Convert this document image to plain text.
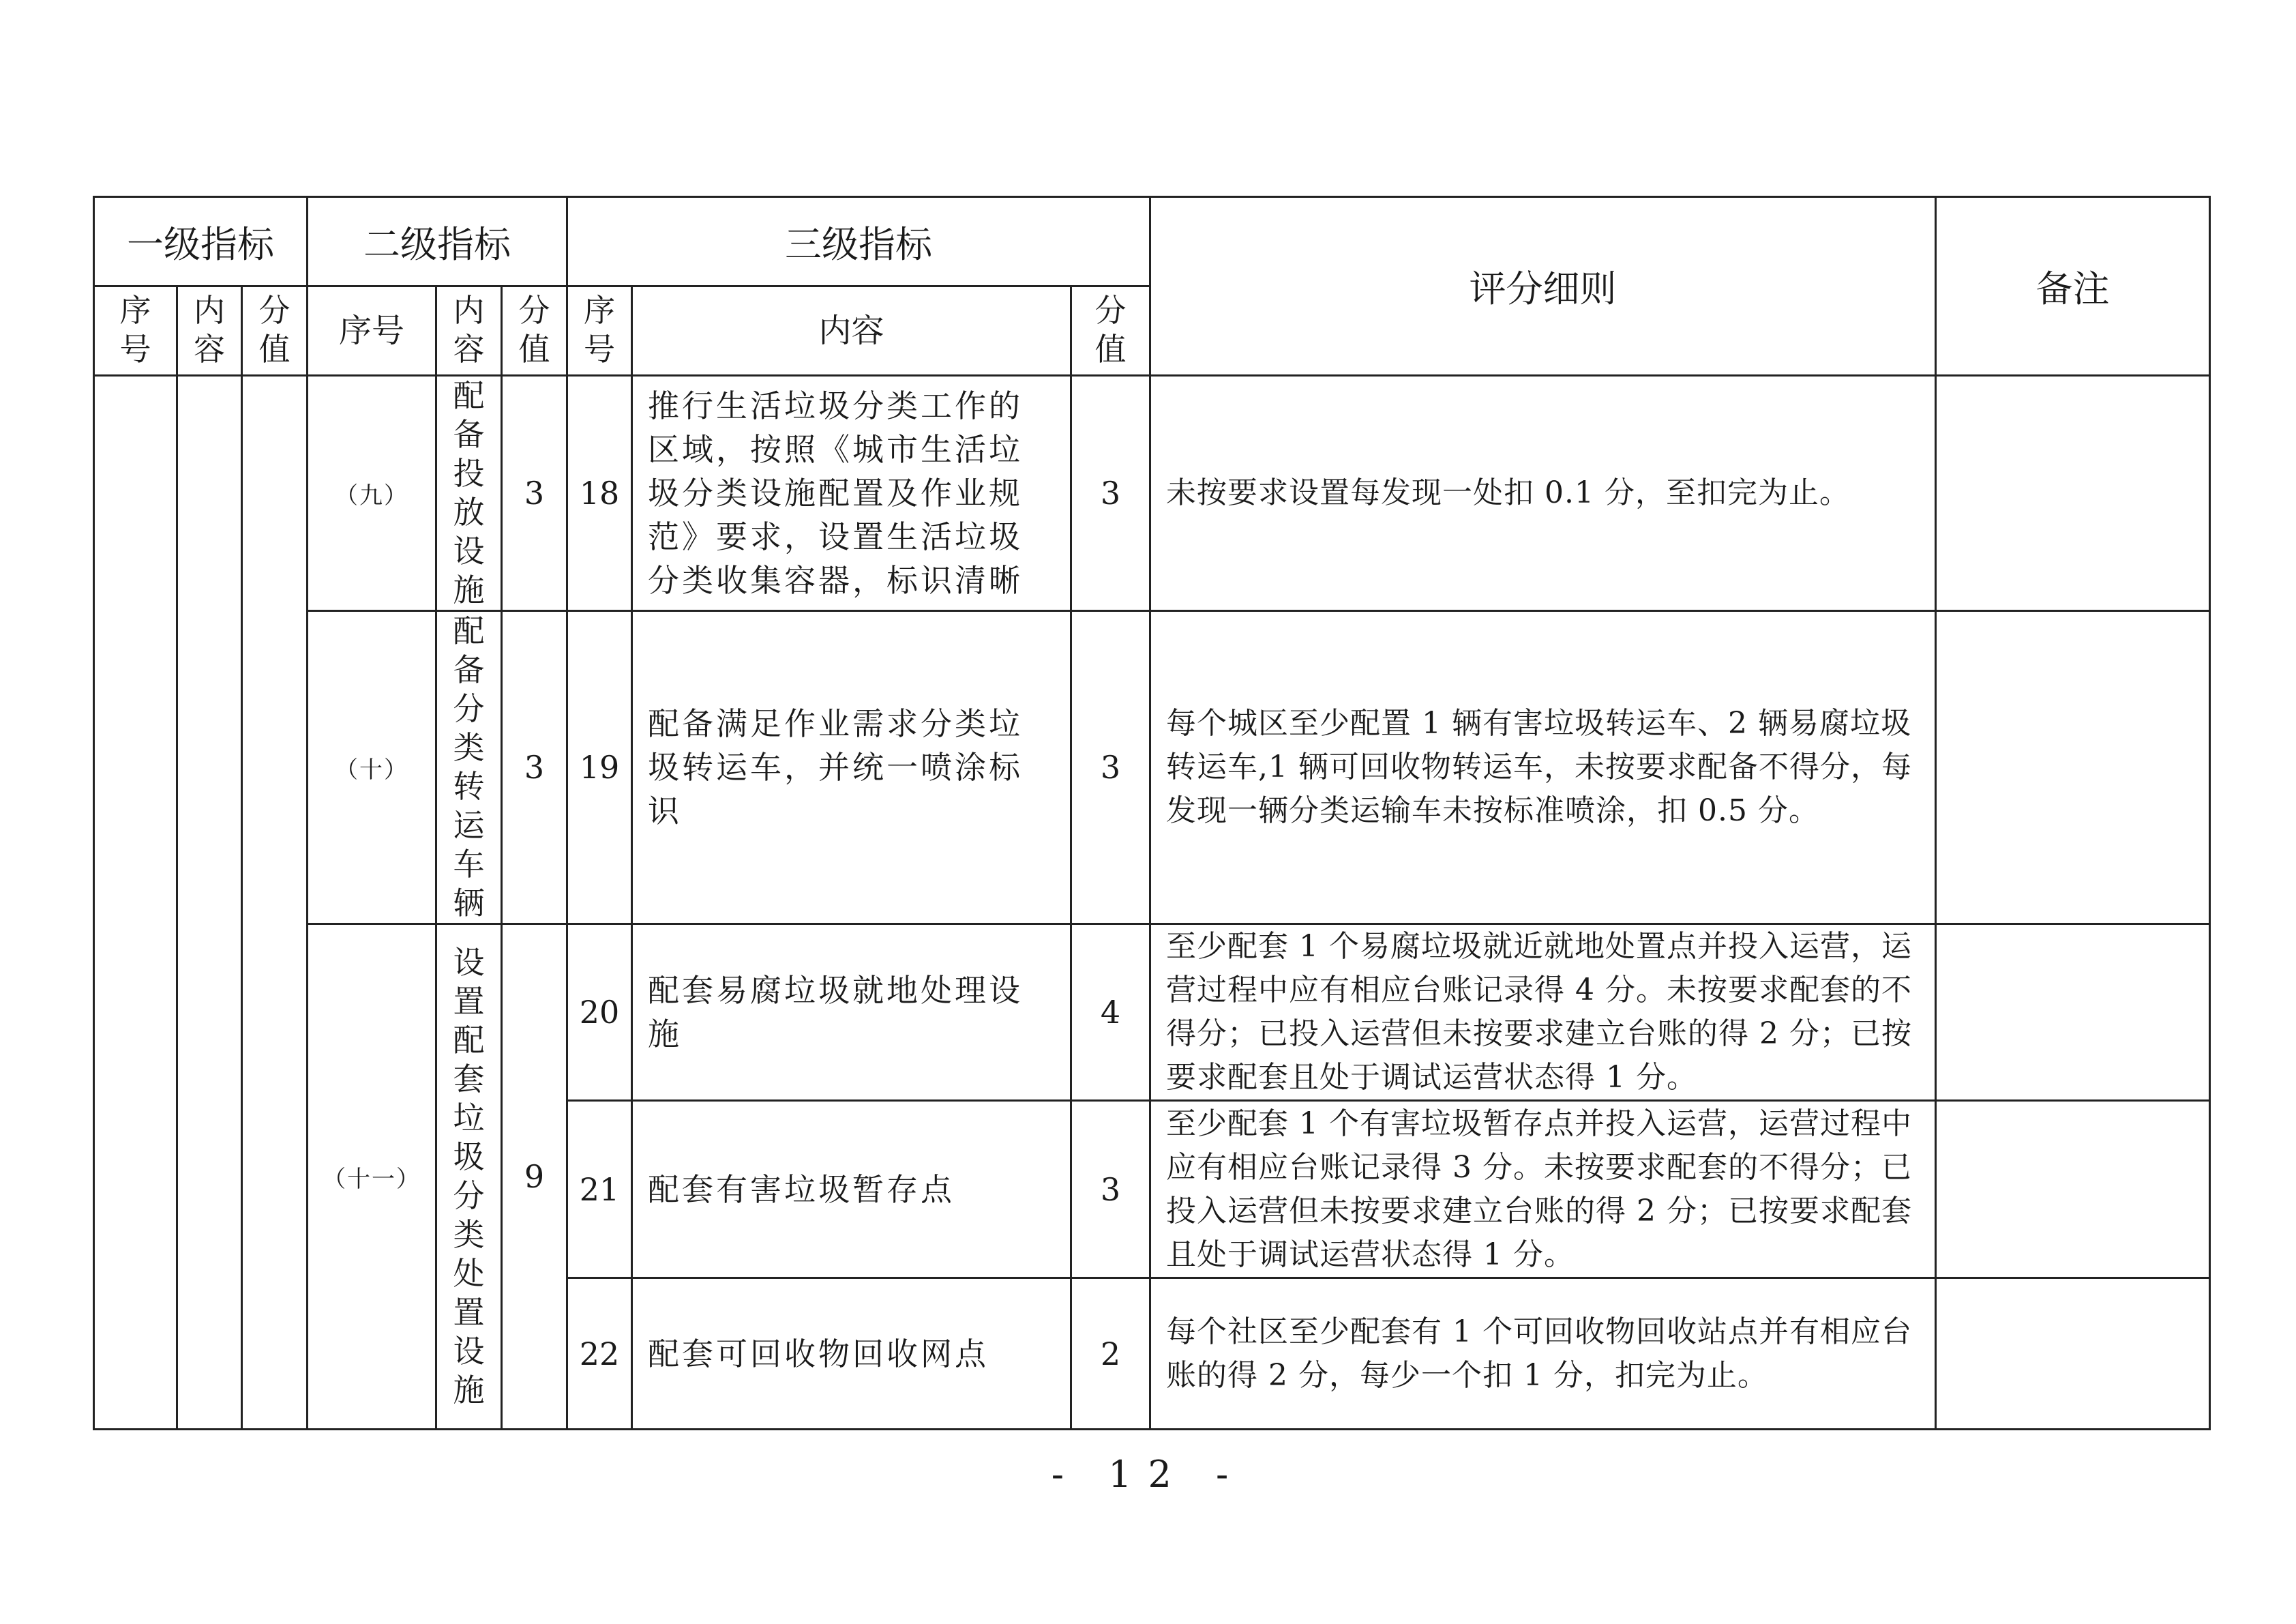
一级指标			二级指标			三级指标			评分细则	备注
序号	内容	分值	序号	内容	分值	序号	内容	分值		
			（九）	配备投放设施	3	18	推行生活垃圾分类工作的区域，按照《城市生活垃圾分类设施配置及作业规范》要求，设置生活垃圾分类收集容器，标识清晰	3	未按要求设置每发现一处扣 0.1 分，至扣完为止。	
			（十）	配备分类转运车辆	3	19	配备满足作业需求分类垃圾转运车，并统一喷涂标识	3	每个城区至少配置 1 辆有害垃圾转运车、2 辆易腐垃圾转运车,1 辆可回收物转运车，未按要求配备不得分，每发现一辆分类运输车未按标准喷涂，扣 0.5 分。	
			（十一）	设置配套垃圾分类处置设施	9	20	配套易腐垃圾就地处理设施	4	至少配套 1 个易腐垃圾就近就地处置点并投入运营，运营过程中应有相应台账记录得 4 分。未按要求配套的不得分；已投入运营但未按要求建立台账的得 2 分；已按要求配套且处于调试运营状态得 1 分。	
						21	配套有害垃圾暂存点	3	至少配套 1 个有害垃圾暂存点并投入运营，运营过程中应有相应台账记录得 3 分。未按要求配套的不得分；已投入运营但未按要求建立台账的得 2 分；已按要求配套且处于调试运营状态得 1 分。	
						22	配套可回收物回收网点	2	每个社区至少配套有 1 个可回收物回收站点并有相应台账的得 2 分，每少一个扣 1 分，扣完为止。	
- 12 -
